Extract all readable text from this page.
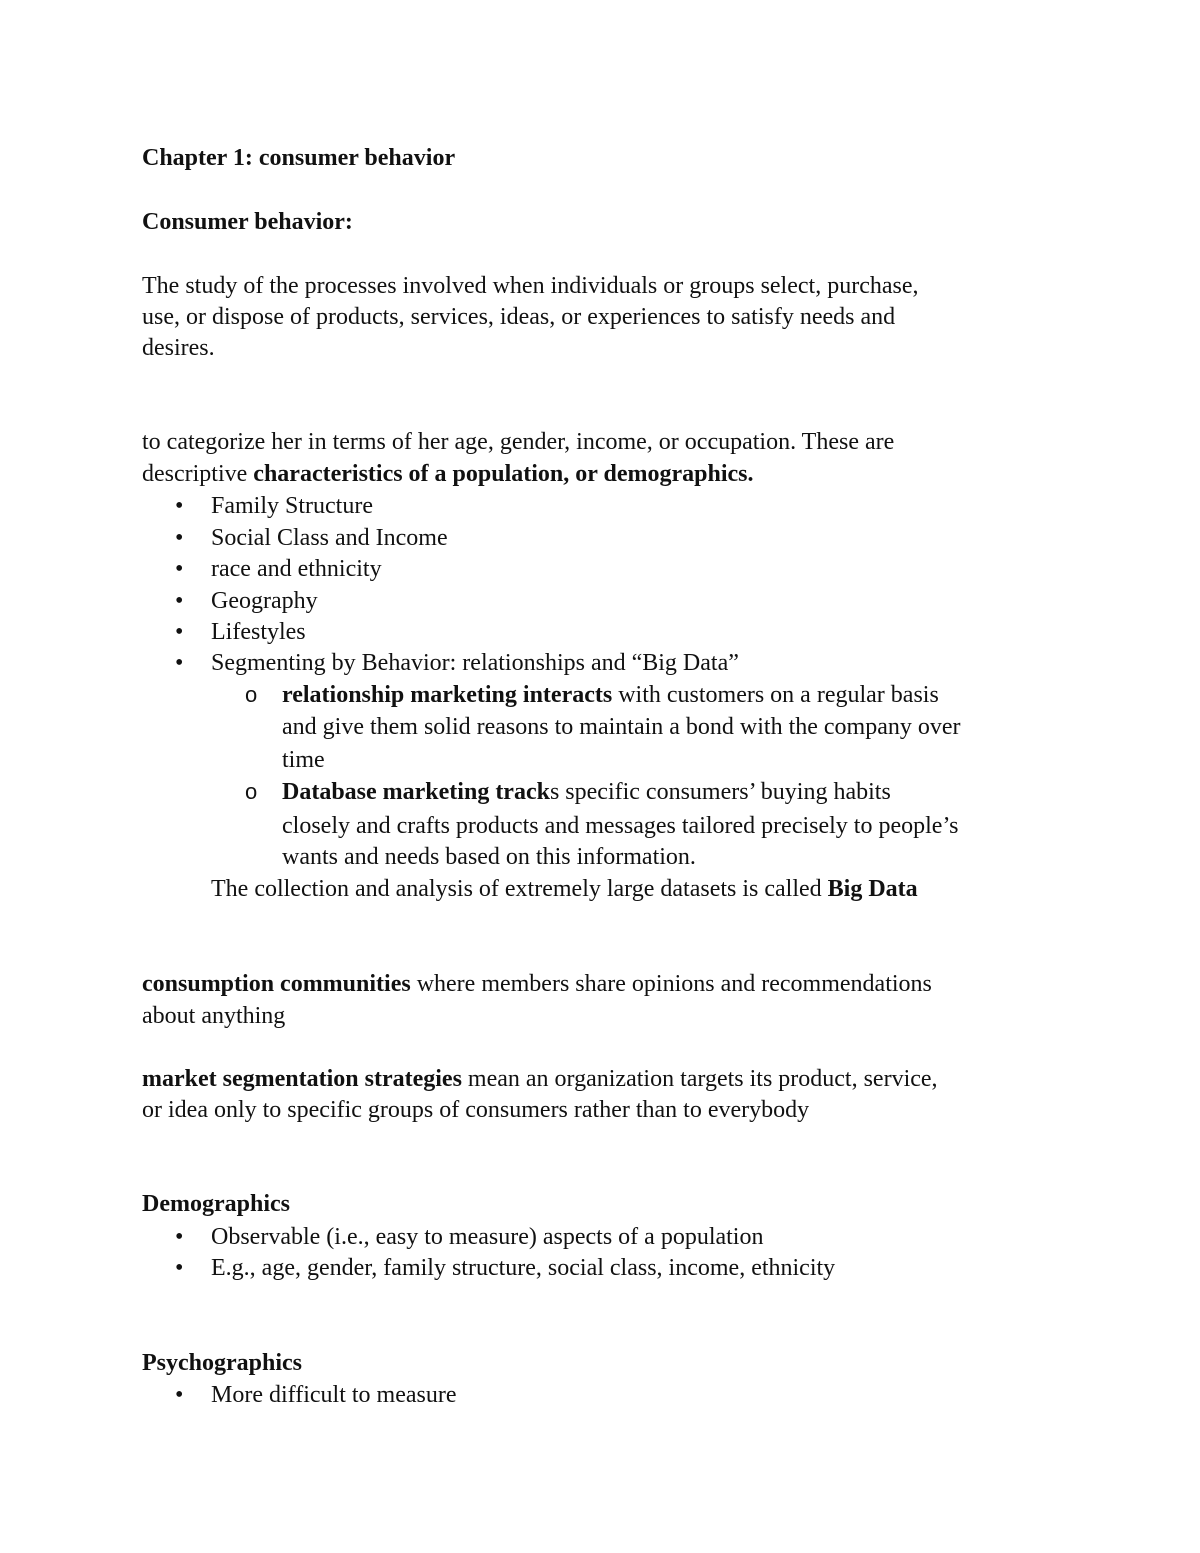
Chapter 1: consumer behavior
Consumer behavior:
The study of the processes involved when individuals or groups select, purchase,
use, or dispose of products, services, ideas, or experiences to satisfy needs and
desires.
to categorize her in terms of her age, gender, income, or occupation. These are
descriptive characteristics of a population, or demographics.
•	Family Structure
•	Social Class and Income
•	race and ethnicity
•	Geography
•	Lifestyles
•	Segmenting by Behavior: relationships and “Big Data”
o relationship marketing interacts with customers on a regular basis
and give them solid reasons to maintain a bond with the company over
time
o Database marketing tracks specific consumers’ buying habits
closely and crafts products and messages tailored precisely to people’s
wants and needs based on this information.
The collection and analysis of extremely large datasets is called Big Data
consumption communities where members share opinions and recommendations
about anything
market segmentation strategies mean an organization targets its product, service,
or idea only to specific groups of consumers rather than to everybody
Demographics
•	Observable (i.e., easy to measure) aspects of a population
•	E.g., age, gender, family structure, social class, income, ethnicity
Psychographics
•	More difficult to measure
